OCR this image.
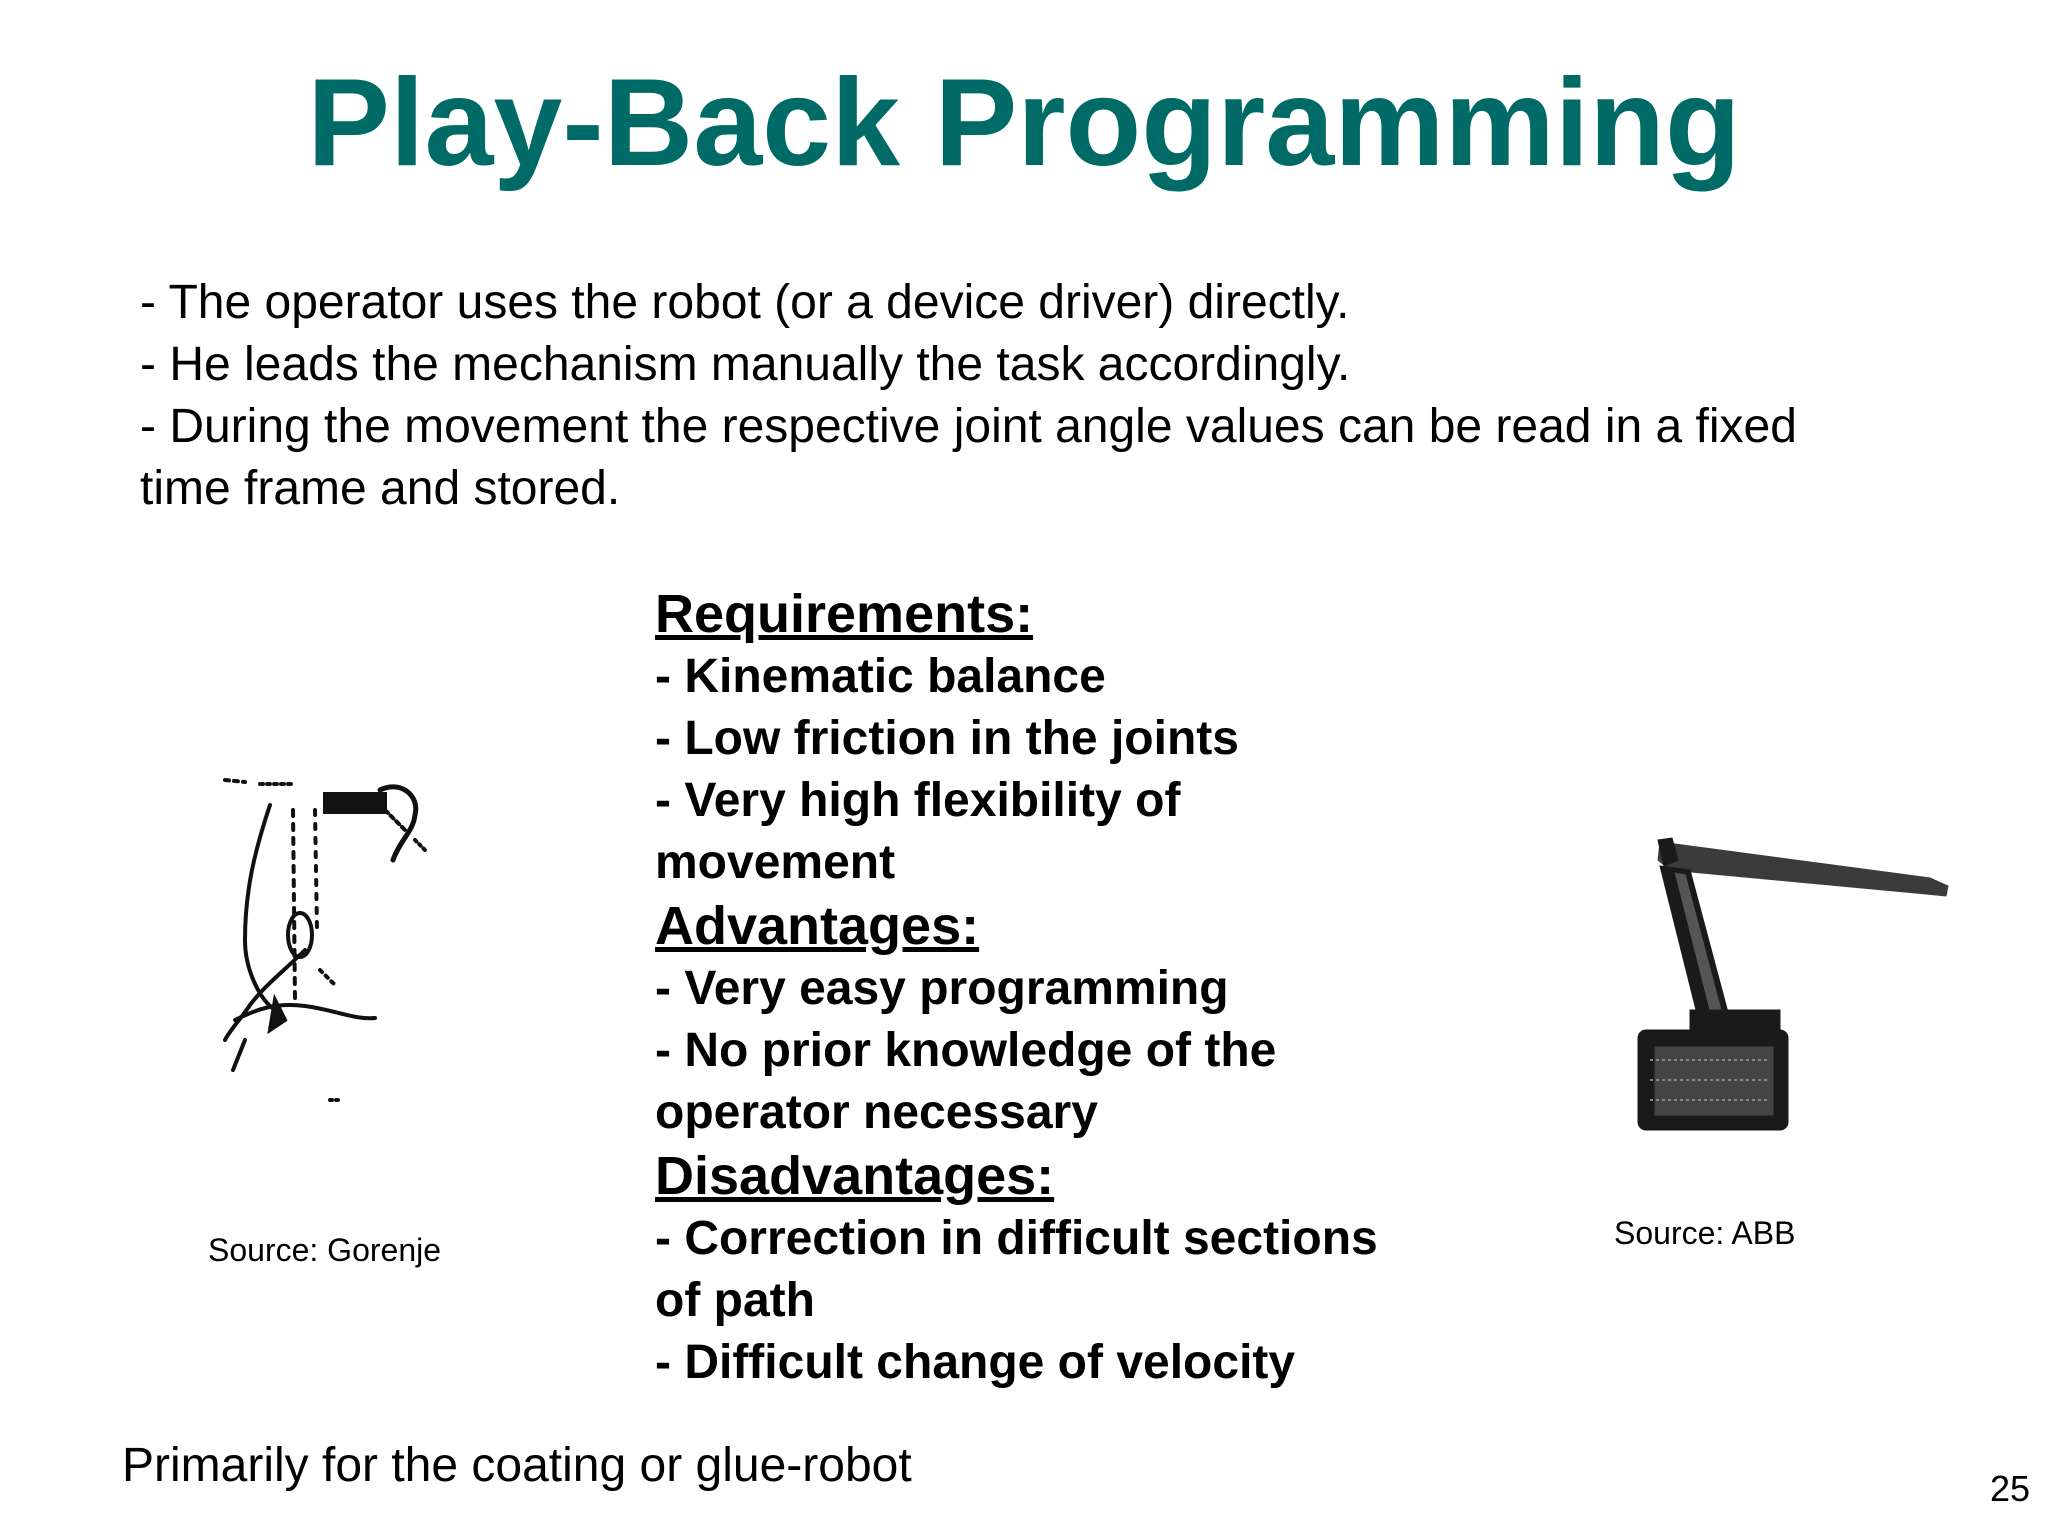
Play-Back Programming
- The operator uses the robot (or a device driver) directly.
- He leads the mechanism manually the task accordingly.
- During the movement the respective joint angle values can be read in a fixed
time frame and stored.
Requirements:
- Kinematic balance
- Low friction in the joints
- Very high flexibility of
movement
Advantages:
- Very easy programming
- No prior knowledge of the
operator necessary
Disadvantages:
- Correction in difficult sections
of path
- Difficult change of velocity
Source: Gorenje	Source: ABB
Primarily for the coating or glue-robot	25
